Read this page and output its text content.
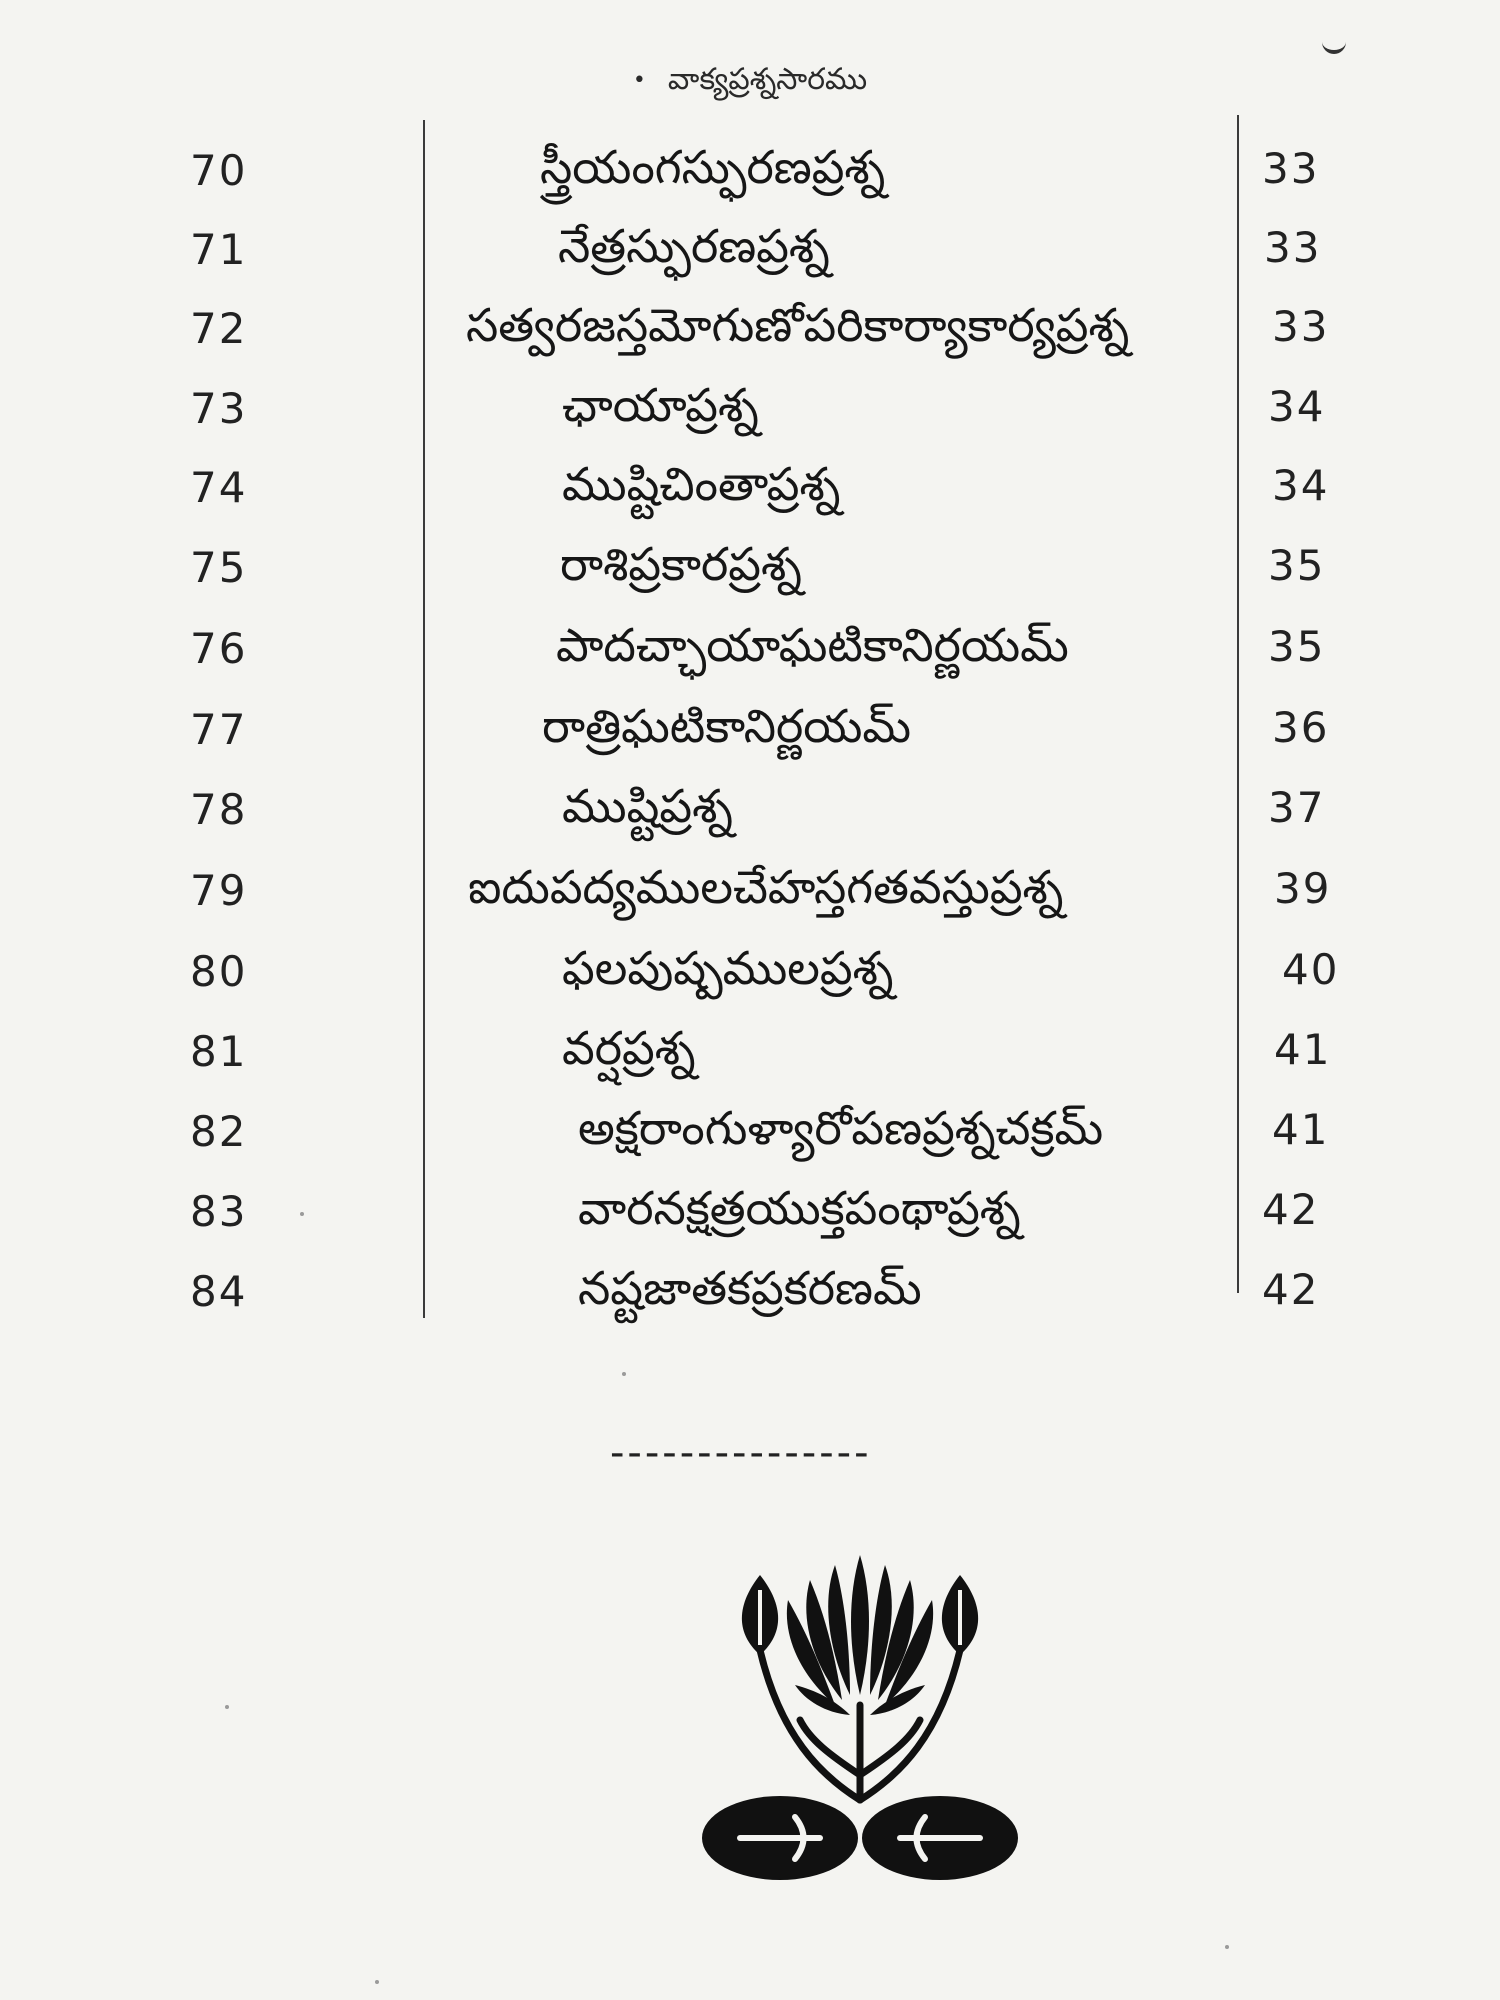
• వాక్యప్రశ్నసారము
70	స్త్రీయంగస్ఫురణప్రశ్న	33
71	నేత్రస్ఫురణప్రశ్న	33
72	సత్వరజస్తమోగుణోపరికార్యాకార్యప్రశ్న	33
73	ఛాయాప్రశ్న	34
74	ముష్టిచింతాప్రశ్న	34
75	రాశిప్రకారప్రశ్న	35
76	పాదచ్ఛాయాఘటికానిర్ణయమ్	35
77	రాత్రిఘటికానిర్ణయమ్	36
78	ముష్టిప్రశ్న	37
79	ఐదుపద్యములచేహస్తగతవస్తుప్రశ్న	39
80	ఫలపుష్పములప్రశ్న	40
81	వర్షప్రశ్న	41
82	అక్షరాంగుళ్యారోపణప్రశ్నచక్రమ్	41
83	వారనక్షత్రయుక్తపంథాప్రశ్న	42
84	నష్టజాతకప్రకరణమ్	42
---------------
